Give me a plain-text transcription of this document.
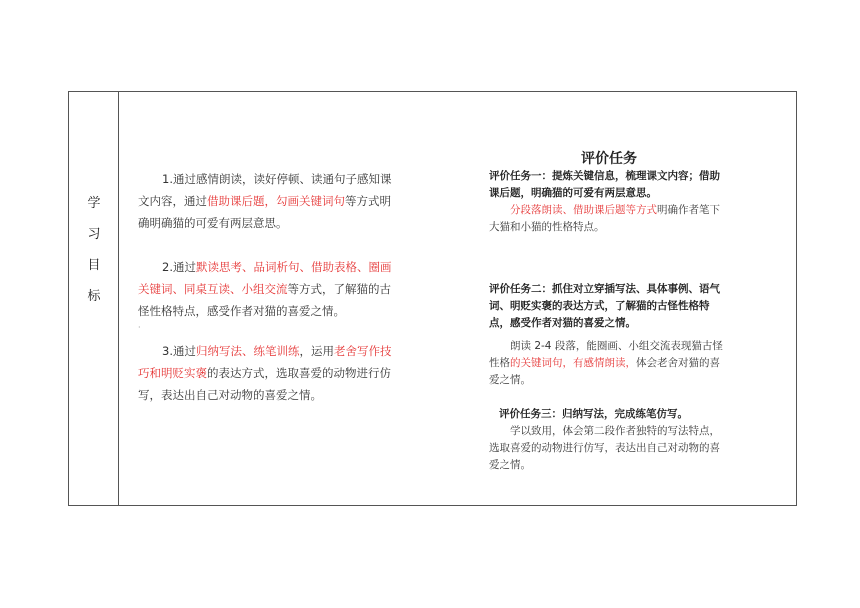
学
习
目
标

1.通过感情朗读，读好停顿、读通句子感知课文内容，通过借助课后题，勾画关键词句等方式明确明确猫的可爱有两层意思。

2.通过默读思考、品词析句、借助表格、圈画关键词、同桌互读、小组交流等方式，了解猫的古怪性格特点，感受作者对猫的喜爱之情。

·

3.通过归纳写法、练笔训练，运用老舍写作技巧和明贬实褒的表达方式，选取喜爱的动物进行仿写，表达出自己对动物的喜爱之情。

评价任务

评价任务一：提炼关键信息，梳理课文内容；借助课后题，明确猫的可爱有两层意思。

分段落朗读、借助课后题等方式明确作者笔下大猫和小猫的性格特点。

评价任务二：抓住对立穿插写法、具体事例、语气词、明贬实褒的表达方式，了解猫的古怪性格特点，感受作者对猫的喜爱之情。

朗读 2-4 段落，能圈画、小组交流表现猫古怪性格的关键词句，有感情朗读，体会老舍对猫的喜爱之情。

评价任务三：归纳写法，完成练笔仿写。

学以致用，体会第二段作者独特的写法特点，选取喜爱的动物进行仿写，表达出自己对动物的喜爱之情。
